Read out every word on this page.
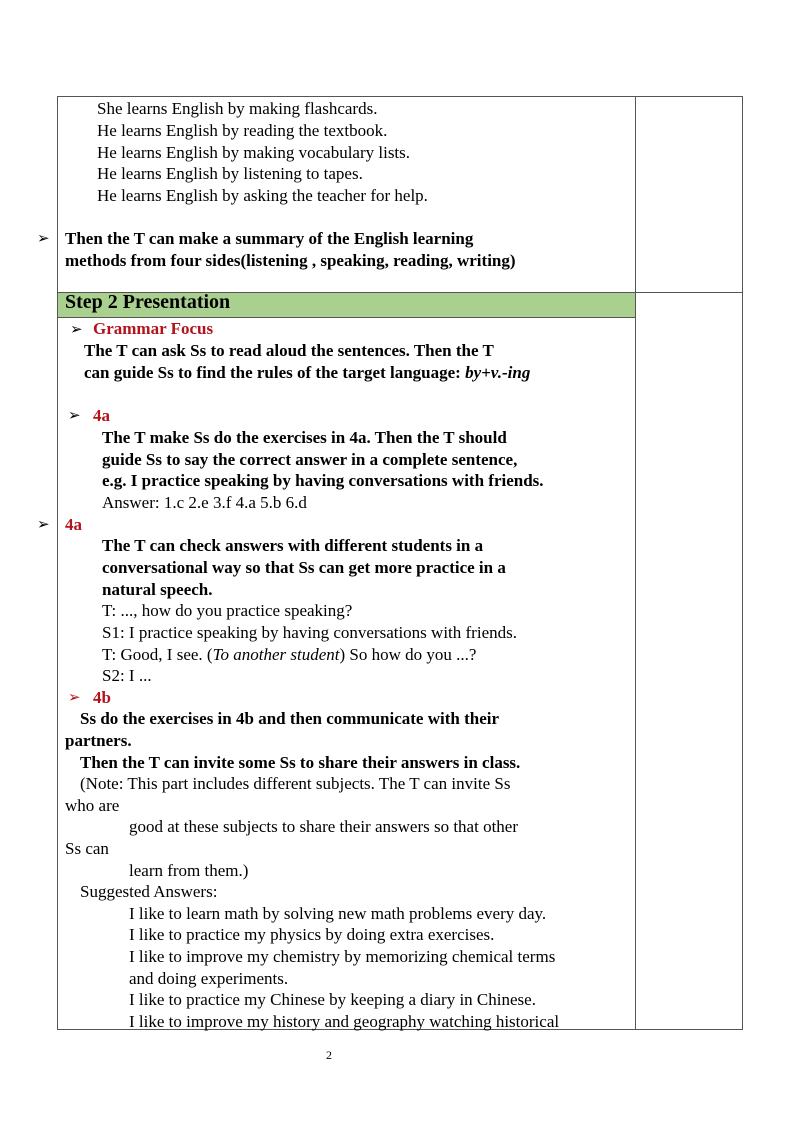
Step 2 Presentation
She learns English by making flashcards.
He learns English by reading the textbook.
He learns English by making vocabulary lists.
He learns English by listening to tapes.
He learns English by asking the teacher for help.
➢ Then the T can make a summary of the English learning
methods from four sides(listening , speaking, reading, writing)
➢ Grammar Focus
The T can ask Ss to read aloud the sentences. Then the T
can guide Ss to find the rules of the target language: by+v.-ing
➢ 4a
The T make Ss do the exercises in 4a. Then the T should
guide Ss to say the correct answer in a complete sentence,
e.g. I practice speaking by having conversations with friends.
Answer: 1.c 2.e 3.f 4.a 5.b 6.d
➢ 4a
The T can check answers with different students in a
conversational way so that Ss can get more practice in a
natural speech.
T: ..., how do you practice speaking?
S1: I practice speaking by having conversations with friends.
T: Good, I see. (To another student) So how do you ...?
S2: I ...
➢ 4b
Ss do the exercises in 4b and then communicate with their
partners.
Then the T can invite some Ss to share their answers in class.
(Note: This part includes different subjects. The T can invite Ss
who are
good at these subjects to share their answers so that other
Ss can
learn from them.)
Suggested Answers:
I like to learn math by solving new math problems every day.
I like to practice my physics by doing extra exercises.
I like to improve my chemistry by memorizing chemical terms
and doing experiments.
I like to practice my Chinese by keeping a diary in Chinese.
I like to improve my history and geography watching historical
2
